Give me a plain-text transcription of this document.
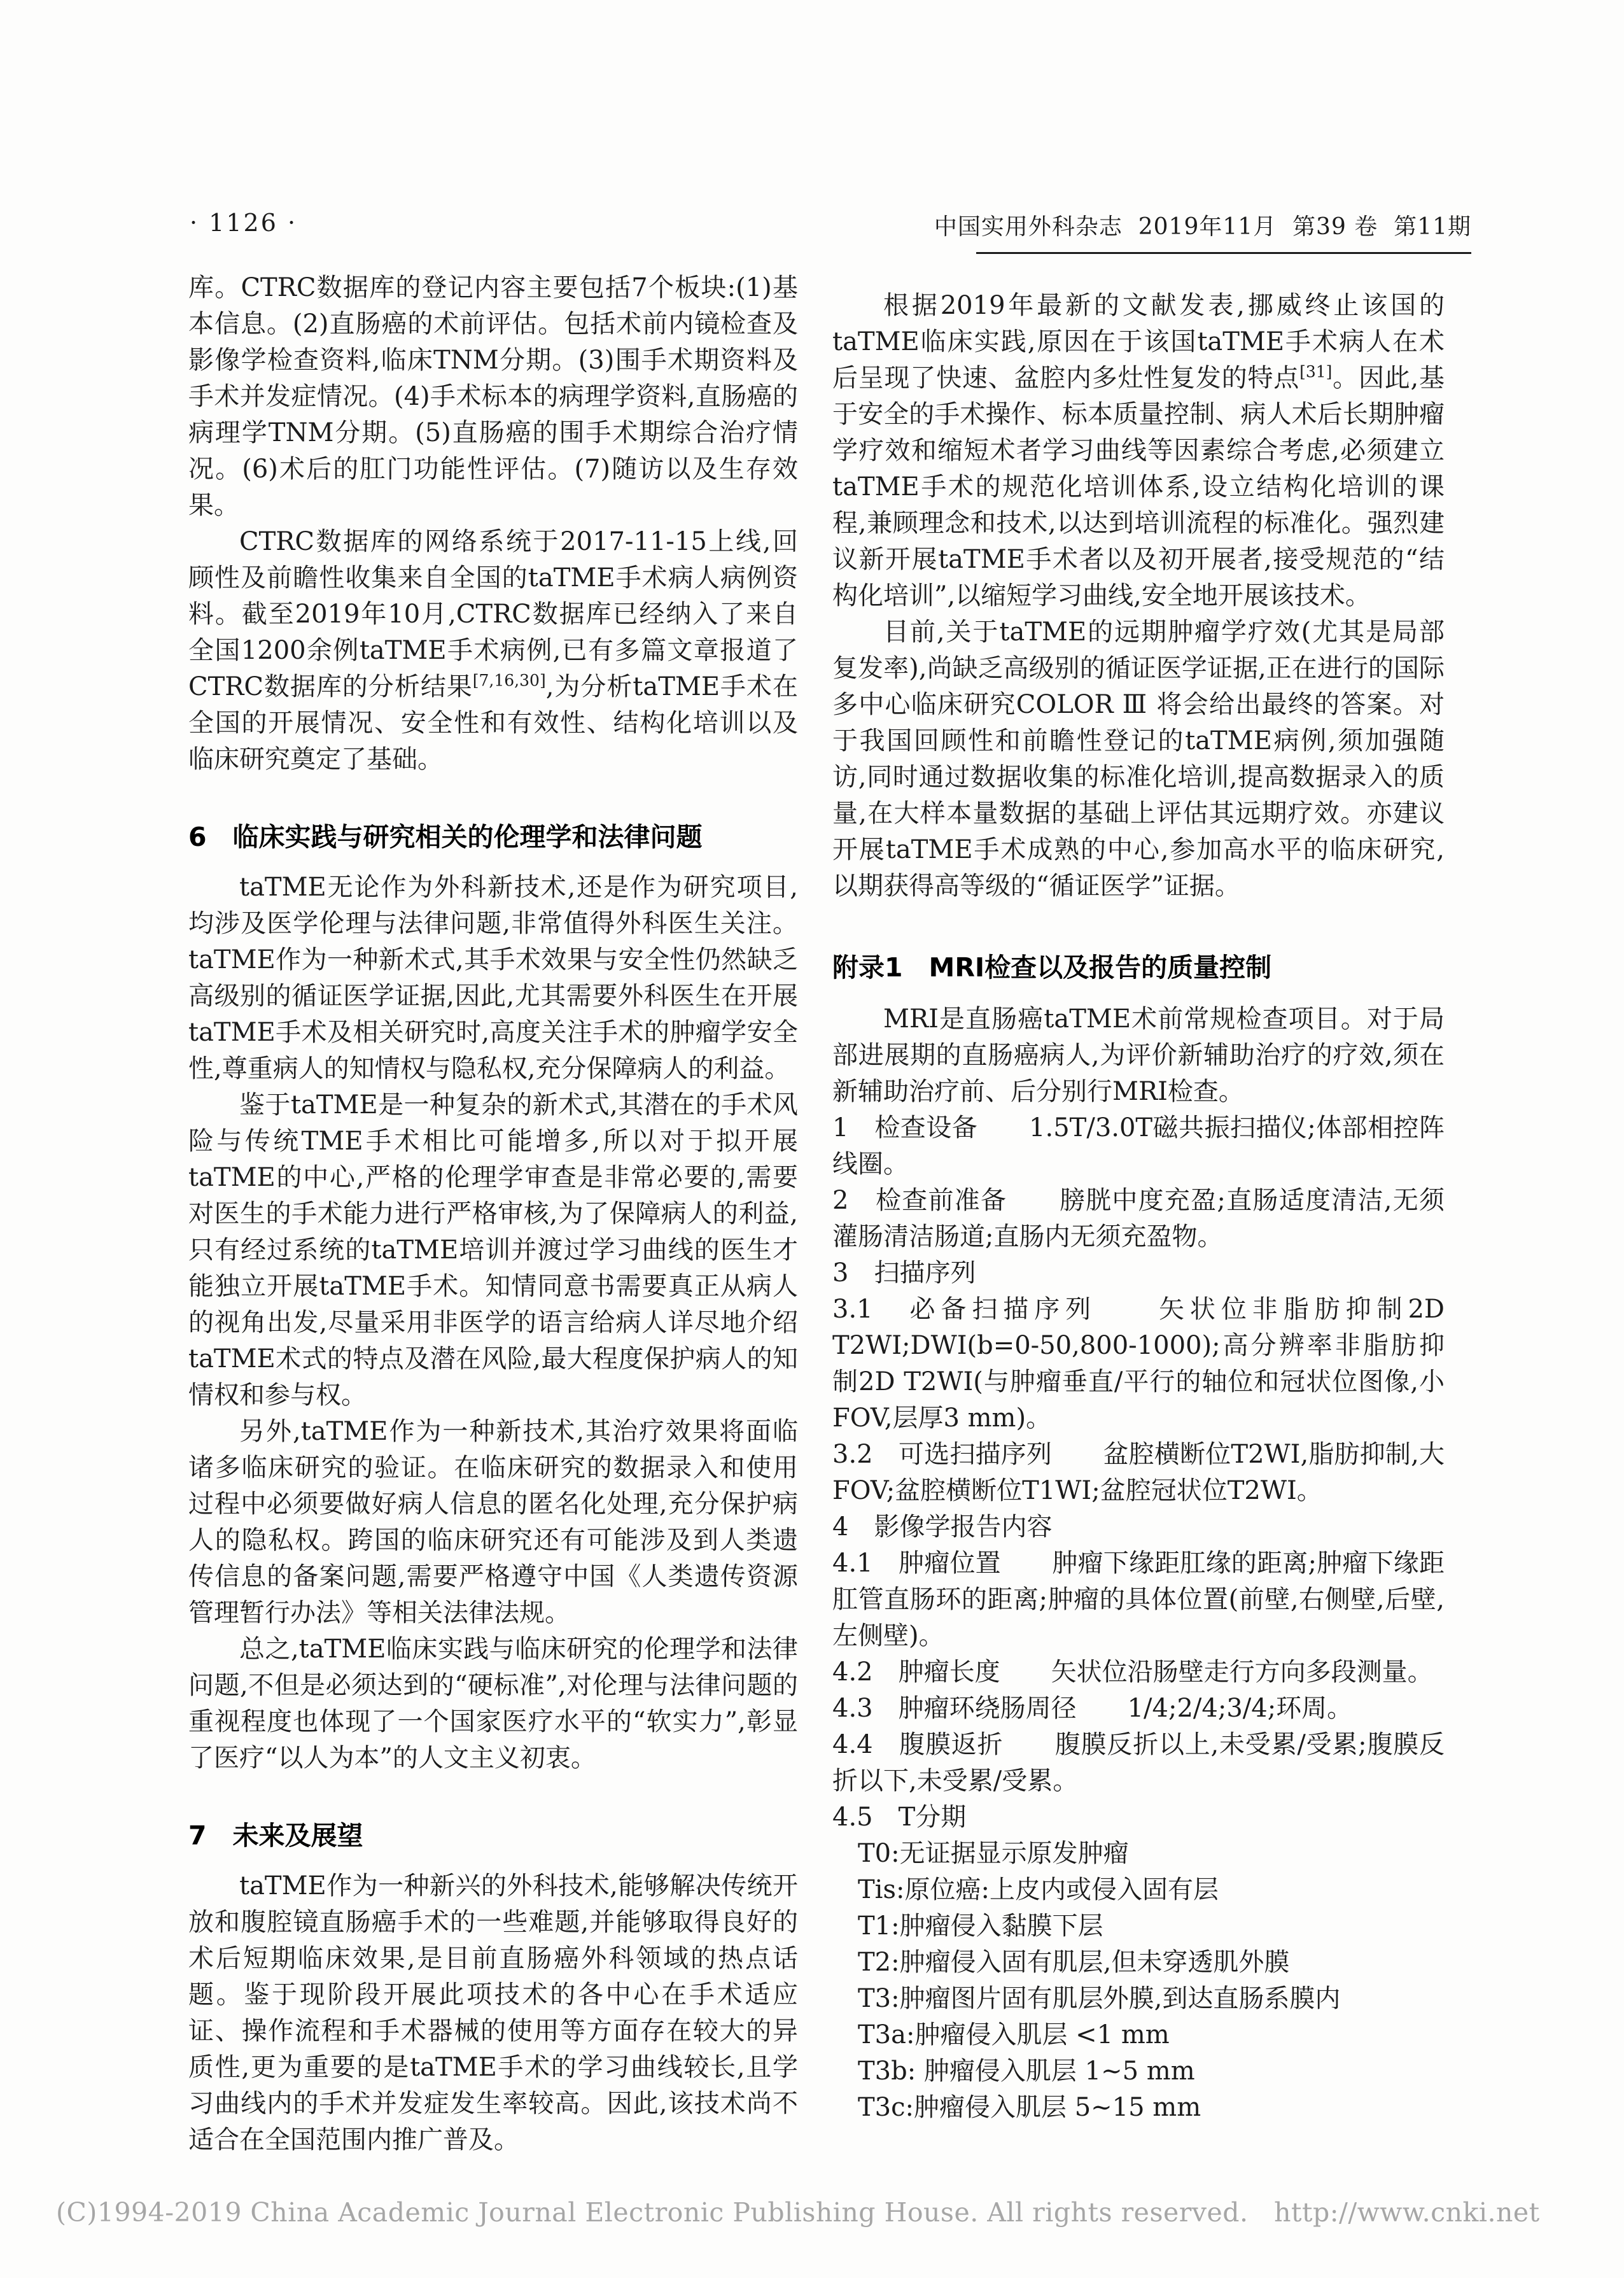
· 1126 ·	中国实用外科杂志  2019年11月  第39 卷  第11期

库。CTRC数据库的登记内容主要包括7个板块:(1)基本信息。(2)直肠癌的术前评估。包括术前内镜检查及影像学检查资料,临床TNM分期。(3)围手术期资料及手术并发症情况。(4)手术标本的病理学资料,直肠癌的病理学TNM分期。(5)直肠癌的围手术期综合治疗情况。(6)术后的肛门功能性评估。(7)随访以及生存效果。

CTRC数据库的网络系统于2017-11-15上线,回顾性及前瞻性收集来自全国的taTME手术病人病例资料。截至2019年10月,CTRC数据库已经纳入了来自全国1200余例taTME手术病例,已有多篇文章报道了CTRC数据库的分析结果[7,16,30],为分析taTME手术在全国的开展情况、安全性和有效性、结构化培训以及临床研究奠定了基础。

6　临床实践与研究相关的伦理学和法律问题

taTME无论作为外科新技术,还是作为研究项目,均涉及医学伦理与法律问题,非常值得外科医生关注。taTME作为一种新术式,其手术效果与安全性仍然缺乏高级别的循证医学证据,因此,尤其需要外科医生在开展taTME手术及相关研究时,高度关注手术的肿瘤学安全性,尊重病人的知情权与隐私权,充分保障病人的利益。

鉴于taTME是一种复杂的新术式,其潜在的手术风险与传统TME手术相比可能增多,所以对于拟开展taTME的中心,严格的伦理学审查是非常必要的,需要对医生的手术能力进行严格审核,为了保障病人的利益,只有经过系统的taTME培训并渡过学习曲线的医生才能独立开展taTME手术。知情同意书需要真正从病人的视角出发,尽量采用非医学的语言给病人详尽地介绍taTME术式的特点及潜在风险,最大程度保护病人的知情权和参与权。

另外,taTME作为一种新技术,其治疗效果将面临诸多临床研究的验证。在临床研究的数据录入和使用过程中必须要做好病人信息的匿名化处理,充分保护病人的隐私权。跨国的临床研究还有可能涉及到人类遗传信息的备案问题,需要严格遵守中国《人类遗传资源管理暂行办法》等相关法律法规。

总之,taTME临床实践与临床研究的伦理学和法律问题,不但是必须达到的“硬标准”,对伦理与法律问题的重视程度也体现了一个国家医疗水平的“软实力”,彰显了医疗“以人为本”的人文主义初衷。

7　未来及展望

taTME作为一种新兴的外科技术,能够解决传统开放和腹腔镜直肠癌手术的一些难题,并能够取得良好的术后短期临床效果,是目前直肠癌外科领域的热点话题。鉴于现阶段开展此项技术的各中心在手术适应证、操作流程和手术器械的使用等方面存在较大的异质性,更为重要的是taTME手术的学习曲线较长,且学习曲线内的手术并发症发生率较高。因此,该技术尚不适合在全国范围内推广普及。

根据2019年最新的文献发表,挪威终止该国的taTME临床实践,原因在于该国taTME手术病人在术后呈现了快速、盆腔内多灶性复发的特点[31]。因此,基于安全的手术操作、标本质量控制、病人术后长期肿瘤学疗效和缩短术者学习曲线等因素综合考虑,必须建立taTME手术的规范化培训体系,设立结构化培训的课程,兼顾理念和技术,以达到培训流程的标准化。强烈建议新开展taTME手术者以及初开展者,接受规范的“结构化培训”,以缩短学习曲线,安全地开展该技术。

目前,关于taTME的远期肿瘤学疗效(尤其是局部复发率),尚缺乏高级别的循证医学证据,正在进行的国际多中心临床研究COLOR Ⅲ 将会给出最终的答案。对于我国回顾性和前瞻性登记的taTME病例,须加强随访,同时通过数据收集的标准化培训,提高数据录入的质量,在大样本量数据的基础上评估其远期疗效。亦建议开展taTME手术成熟的中心,参加高水平的临床研究,以期获得高等级的“循证医学”证据。

附录1　MRI检查以及报告的质量控制

MRI是直肠癌taTME术前常规检查项目。对于局部进展期的直肠癌病人,为评价新辅助治疗的疗效,须在新辅助治疗前、后分别行MRI检查。

1　检查设备　　1.5T/3.0T磁共振扫描仪;体部相控阵线圈。

2　检查前准备　　膀胱中度充盈;直肠适度清洁,无须灌肠清洁肠道;直肠内无须充盈物。

3　扫描序列

3.1　必备扫描序列　　矢状位非脂肪抑制2D T2WI;DWI(b=0-50,800-1000);高分辨率非脂肪抑制2D T2WI(与肿瘤垂直/平行的轴位和冠状位图像,小FOV,层厚3 mm)。

3.2　可选扫描序列　　盆腔横断位T2WI,脂肪抑制,大FOV;盆腔横断位T1WI;盆腔冠状位T2WI。

4　影像学报告内容

4.1　肿瘤位置　　肿瘤下缘距肛缘的距离;肿瘤下缘距肛管直肠环的距离;肿瘤的具体位置(前壁,右侧壁,后壁,左侧壁)。

4.2　肿瘤长度　　矢状位沿肠壁走行方向多段测量。

4.3　肿瘤环绕肠周径　　1/4;2/4;3/4;环周。

4.4　腹膜返折　　腹膜反折以上,未受累/受累;腹膜反折以下,未受累/受累。

4.5　T分期

　T0:无证据显示原发肿瘤

　Tis:原位癌:上皮内或侵入固有层

　T1:肿瘤侵入黏膜下层

　T2:肿瘤侵入固有肌层,但未穿透肌外膜

　T3:肿瘤图片固有肌层外膜,到达直肠系膜内

　T3a:肿瘤侵入肌层 <1 mm

　T3b: 肿瘤侵入肌层 1~5 mm

　T3c:肿瘤侵入肌层 5~15 mm

(C)1994-2019 China Academic Journal Electronic Publishing House. All rights reserved.   http://www.cnki.net
